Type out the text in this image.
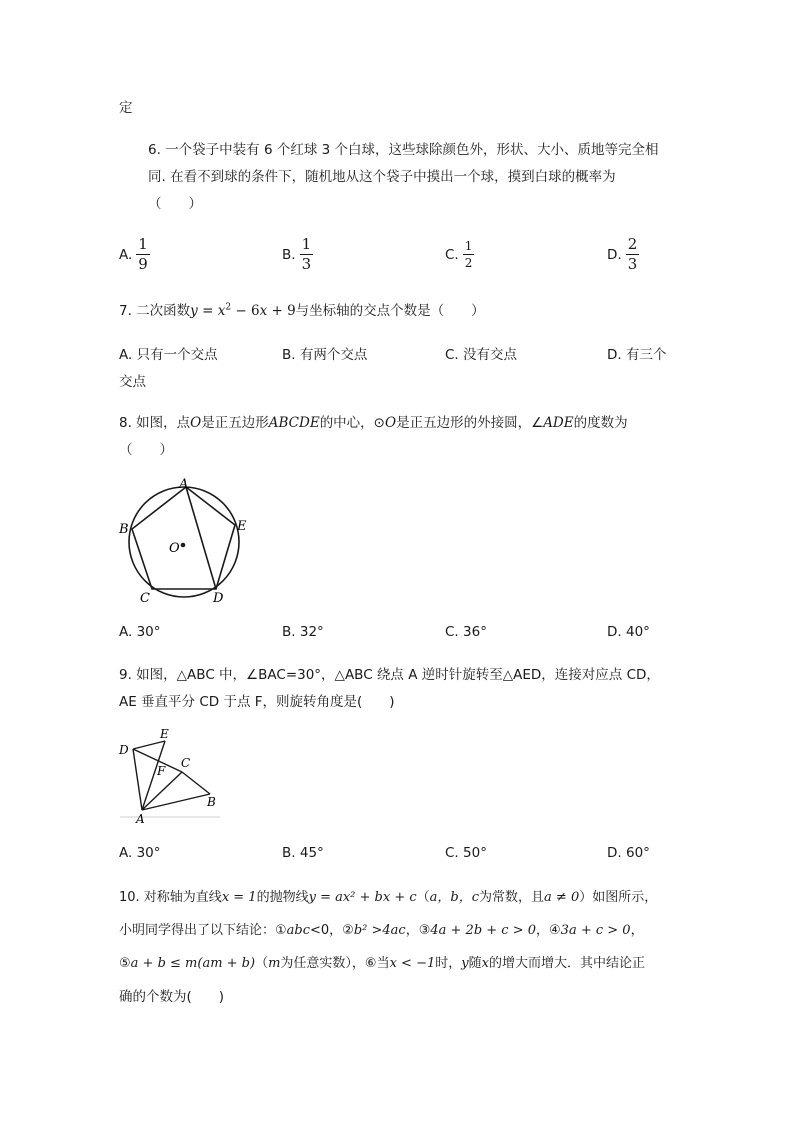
定
6. 一个袋子中装有 6 个红球 3 个白球，这些球除颜色外，形状、大小、质地等完全相
同. 在看不到球的条件下，随机地从这个袋子中摸出一个球，摸到白球的概率为
（　　）
A. $\frac{1}{9}$	B. $\frac{1}{3}$	C. $\frac{1}{2}$	D. $\frac{2}{3}$
7. 二次函数$y = x^2 - 6x + 9$与坐标轴的交点个数是（　　）
A. 只有一个交点	B. 有两个交点	C. 没有交点	D. 有三个
交点
8. 如图，点O是正五边形ABCDE的中心，⊙O是正五边形的外接圆，∠ADE的度数为
（　　）
A
B
C	D
E
O
A. 30°	B. 32°	C. 36°	D. 40°
9. 如图，△ABC 中，∠BAC=30°，△ABC 绕点 A 逆时针旋转至△AED，连接对应点 CD，
AE 垂直平分 CD 于点 F，则旋转角度是(　　)
D
E
C
F
B
A
A. 30°	B. 45°	C. 50°	D. 60°
10. 对称轴为直线x = 1的抛物线y = ax² + bx + c（a，b，c为常数，且a ≠ 0）如图所示，
小明同学得出了以下结论：①abc<0，②b² >4ac，③4a + 2b + c > 0，④3a + c > 0，
⑤a + b ≤ m(am + b)（m为任意实数），⑥当x < −1时，y随x的增大而增大．其中结论正
确的个数为(　　)
